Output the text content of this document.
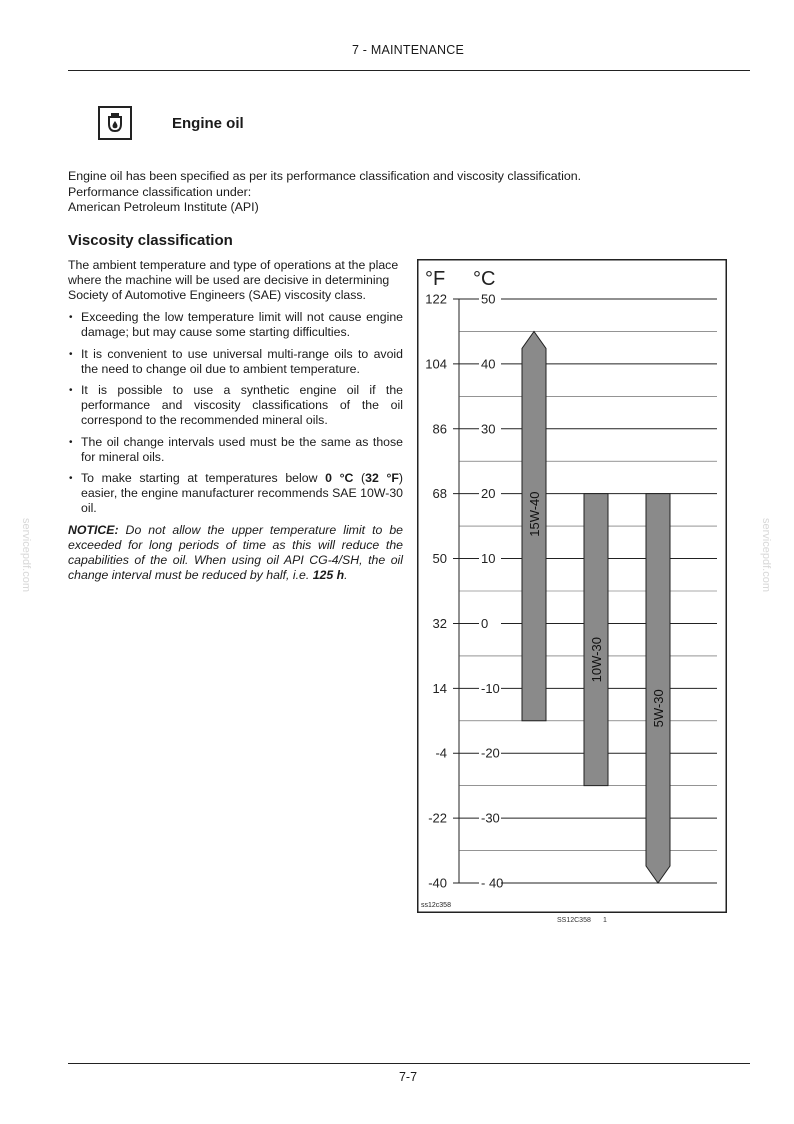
7 - MAINTENANCE
Engine oil
Engine oil has been specified as per its performance classification and viscosity classification.
Performance classification under:
American Petroleum Institute (API)
Viscosity classification

The ambient temperature and type of operations at the place where the machine will be used are decisive in determining Society of Automotive Engineers (SAE) viscosity class.

• Exceeding the low temperature limit will not cause engine damage; but may cause some starting difficulties.
• It is convenient to use universal multi-range oils to avoid the need to change oil due to ambient temperature.
• It is possible to use a synthetic engine oil if the performance and viscosity classifications of the oil correspond to the recommended mineral oils.
• The oil change intervals used must be the same as those for mineral oils.
• To make starting at temperatures below 0 °C (32 °F) easier, the engine manufacturer recommends SAE 10W-30 oil.

NOTICE: Do not allow the upper temperature limit to be exceeded for long periods of time as this will reduce the capabilities of the oil. When using oil API CG-4/SH, the oil change interval must be reduced by half, i.e. 125 h.

°F °C
122	50
104	40
86	30
68	20
50	10
32	0
14	-10
-4	-20
-22	-30
-40	- 40
15W-40
10W-30
5W-30
ss12c358
SS12C358 1
servicepdf.com	servicepdf.com
7-7
